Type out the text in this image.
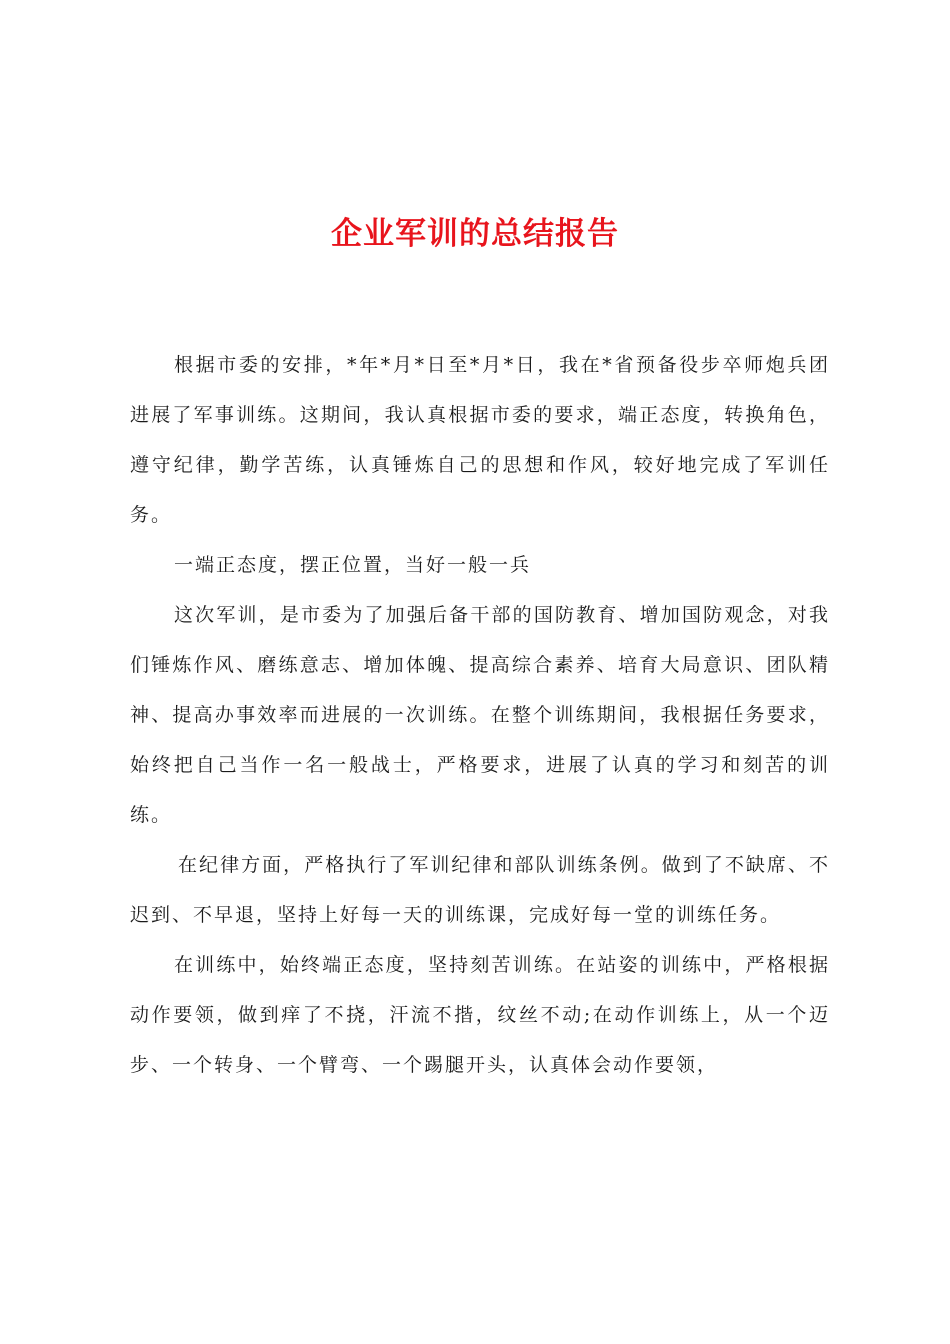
企业军训的总结报告

根据市委的安排，*年*月*日至*月*日，我在*省预备役步卒师炮兵团进展了军事训练。这期间，我认真根据市委的要求，端正态度，转换角色，遵守纪律，勤学苦练，认真锤炼自己的思想和作风，较好地完成了军训任务。

一端正态度，摆正位置，当好一般一兵

这次军训，是市委为了加强后备干部的国防教育、增加国防观念，对我们锤炼作风、磨练意志、增加体魄、提高综合素养、培育大局意识、团队精神、提高办事效率而进展的一次训练。在整个训练期间，我根据任务要求，始终把自己当作一名一般战士，严格要求，进展了认真的学习和刻苦的训练。

在纪律方面，严格执行了军训纪律和部队训练条例。做到了不缺席、不迟到、不早退，坚持上好每一天的训练课，完成好每一堂的训练任务。

在训练中，始终端正态度，坚持刻苦训练。在站姿的训练中，严格根据动作要领，做到痒了不挠，汗流不揩，纹丝不动;在动作训练上，从一个迈步、一个转身、一个臂弯、一个踢腿开头，认真体会动作要领，
